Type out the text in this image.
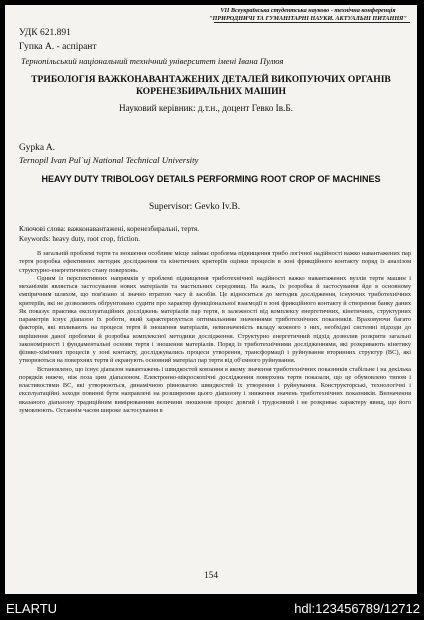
VІІ Всеукраїнська студентська науково - технічна конференція "ПРИРОДНИЧІ ТА ГУМАНІТАРНІ НАУКИ. АКТУАЛЬНІ ПИТАННЯ"
УДК 621.891
Гупка А. - аспірант
Тернопільський національний технічний університет імені Івана Пулюя
ТРИБОЛОГІЯ ВАЖКОНАВАНТАЖЕНИХ ДЕТАЛЕЙ ВИКОПУЮЧИХ ОРГАНІВ КОРЕНЕЗБИРАЛЬНИХ МАШИН
Науковий керівник: д.т.н., доцент Гевко Ів.Б.
Gypka A.
Ternopil Ivan Pul`uj National Technical University
HEAVY DUTY TRIBOLOGY DETAILS PERFORMING ROOT CROP OF MACHINES
Supervisor: Gevko Iv.B.
Ключові слова: важконавантажені, коренезбиральні, тертя.
Keywords: heavy duty, root crop, friction.

В загальній проблемі тертя та зношення особливе місце займає проблема підвищення трибо логічної надійності важко навантажених пар тертя розробка ефективних методик дослідження та кінетичних критеріїв оцінки процесів в зоні фрикційного контакту поряд із аналізом структурно-енергетичного стану поверхонь.

Одним із перспективних напрямків у проблемі підвищення триботехнічної надійності важко навантажених вузлів тертя машин і механізмів являється застосування нових матеріалів та мастильних середовищ. На жаль, їх розробка й застосування йде в основному емпіричним шляхом, що пов'язано зі значно втратою часу й засобів. Це відноситься до методик дослідження, існуючих триботехнічних критеріїв, які не дозволяють обґрунтовано судити про характер функціональної взаємодії в зоні фрикційного контакту й створення банку даних Як показує практика експлуатаційних досліджень матеріалів пар тертя, в залежності від комплексу енергетичних, кінетичних, структурних параметрів існує діапазон їх роботи, який характеризується оптимальними значеннями триботехнічних показників. Враховуючи багато факторів, які впливають на процеси тертя й зношення матеріалів, невизначеність вкладу кожного з них, необхідні системні підходи до вирішення даної проблеми й розробка комплексної методики дослідження. Структурно енергетичний підхід дозволив розкрити загальні закономірності і фундаментальні основи тертя і зношення матеріалів. Поряд із триботехнічними дослідженнями, які розкривають кінетику фізико-хімічних процесів у зоні контакту, досліджувались процеси утворення, трансформації і руйнування вторинних структур (ВС), які утворюються на поверхнях тертя й екранують основний матеріал пар тертя від об'ємного руйнування.

Встановлено, що існує діапазон навантажень і швидкостей ковзання в якому значення триботехнічних показників стабільне і на декілька порядків нижче, ніж поза цим діапазоном. Електронно-мікроскопічні дослідження поверхонь тертя показали, що це обумовлено типом і властивостями ВС, які утворюються, динамічною рівновагою швидкостей їх утворення і руйнування. Конструкторські, технологічні і експлуатаційні заходи повинні бути направлені на розширення цього діапазону і зниження значень триботехнічних показників. Визначення вказаного діапазону традиційним вимірюванням величини зношення процес довгий і трудоємний і не розкриває характеру явищ, що його зумовлюють. Останнім часом широке застосування в

154
ELARTU	hdl:123456789/12712
